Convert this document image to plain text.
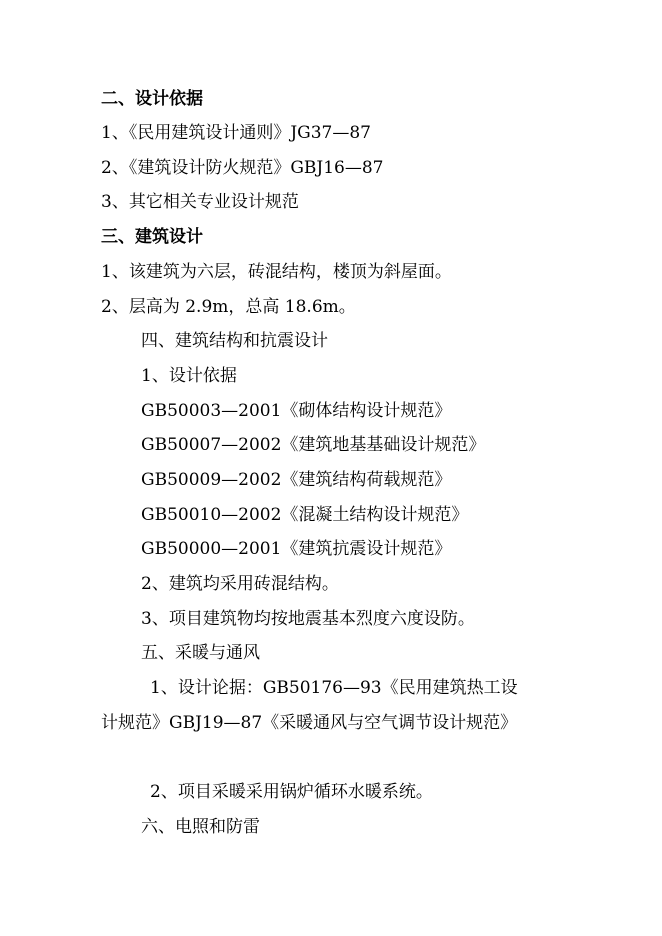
二、设计依据
1、《民用建筑设计通则》JG37—87
2、《建筑设计防火规范》GBJ16—87
3、其它相关专业设计规范
三、建筑设计
1、该建筑为六层，砖混结构，楼顶为斜屋面。
2、层高为 2.9m，总高 18.6m。
四、建筑结构和抗震设计
1、设计依据
GB50003—2001《砌体结构设计规范》
GB50007—2002《建筑地基基础设计规范》
GB50009—2002《建筑结构荷载规范》
GB50010—2002《混凝土结构设计规范》
GB50000—2001《建筑抗震设计规范》
2、建筑均采用砖混结构。
3、项目建筑物均按地震基本烈度六度设防。
五、采暖与通风
1、设计论据：GB50176—93《民用建筑热工设
计规范》GBJ19—87《采暖通风与空气调节设计规范》
2、项目采暖采用锅炉循环水暖系统。
六、电照和防雷
